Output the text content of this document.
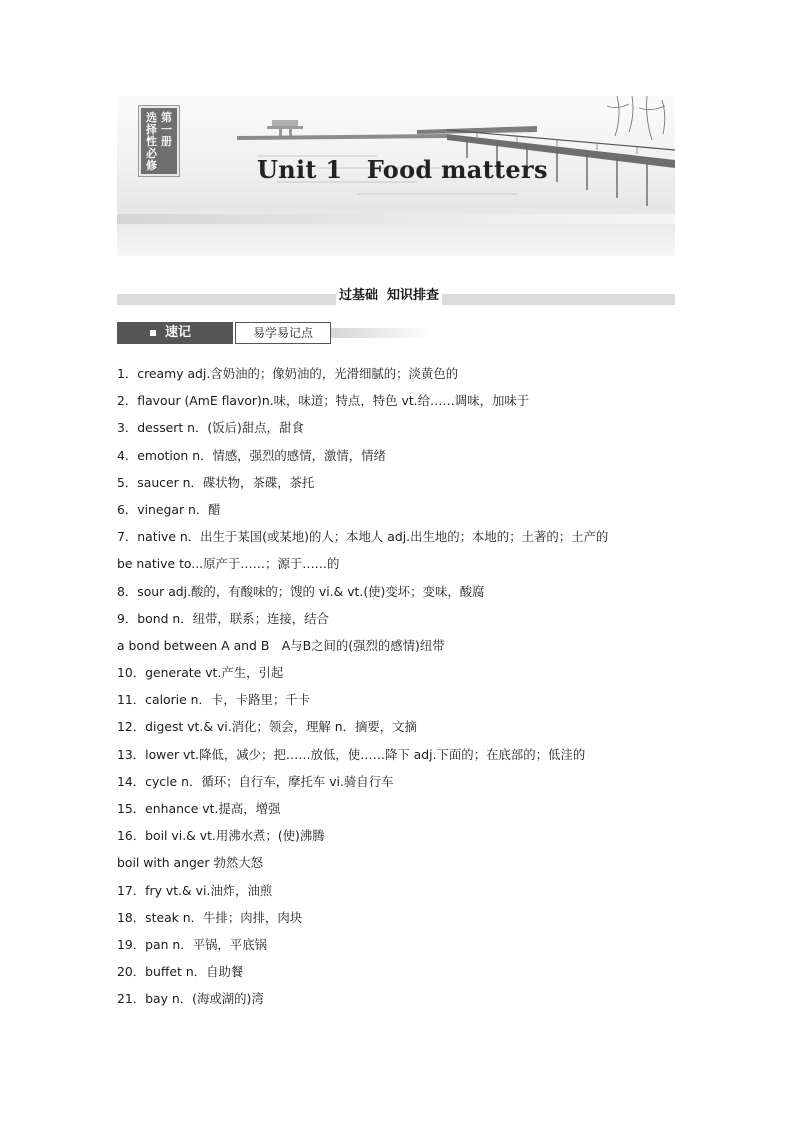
第一册
选择性必修	Unit 1　Food matters
过基础  知识排查
速记	易学易记点
1．creamy adj.含奶油的；像奶油的，光滑细腻的；淡黄色的
2．flavour (AmE flavor)n.味，味道；特点，特色 vt.给……调味，加味于
3．dessert n．(饭后)甜点，甜食
4．emotion n．情感，强烈的感情，激情，情绪
5．saucer n．碟状物，茶碟，茶托
6．vinegar n．醋
7．native n．出生于某国(或某地)的人；本地人 adj.出生地的；本地的；土著的；土产的
be native to...原产于……；源于……的
8．sour adj.酸的，有酸味的；馊的 vi.& vt.(使)变坏；变味，酸腐
9．bond n．纽带，联系；连接，结合
a bond between A and B　A与B之间的(强烈的感情)纽带
10．generate vt.产生，引起
11．calorie n．卡，卡路里；千卡
12．digest vt.& vi.消化；领会，理解 n．摘要，文摘
13．lower vt.降低，减少；把……放低，使……降下 adj.下面的；在底部的；低洼的
14．cycle n．循环；自行车，摩托车 vi.骑自行车
15．enhance vt.提高，增强
16．boil vi.& vt.用沸水煮；(使)沸腾
boil with anger 勃然大怒
17．fry vt.& vi.油炸，油煎
18．steak n．牛排；肉排，肉块
19．pan n．平锅，平底锅
20．buffet n．自助餐
21．bay n．(海或湖的)湾
